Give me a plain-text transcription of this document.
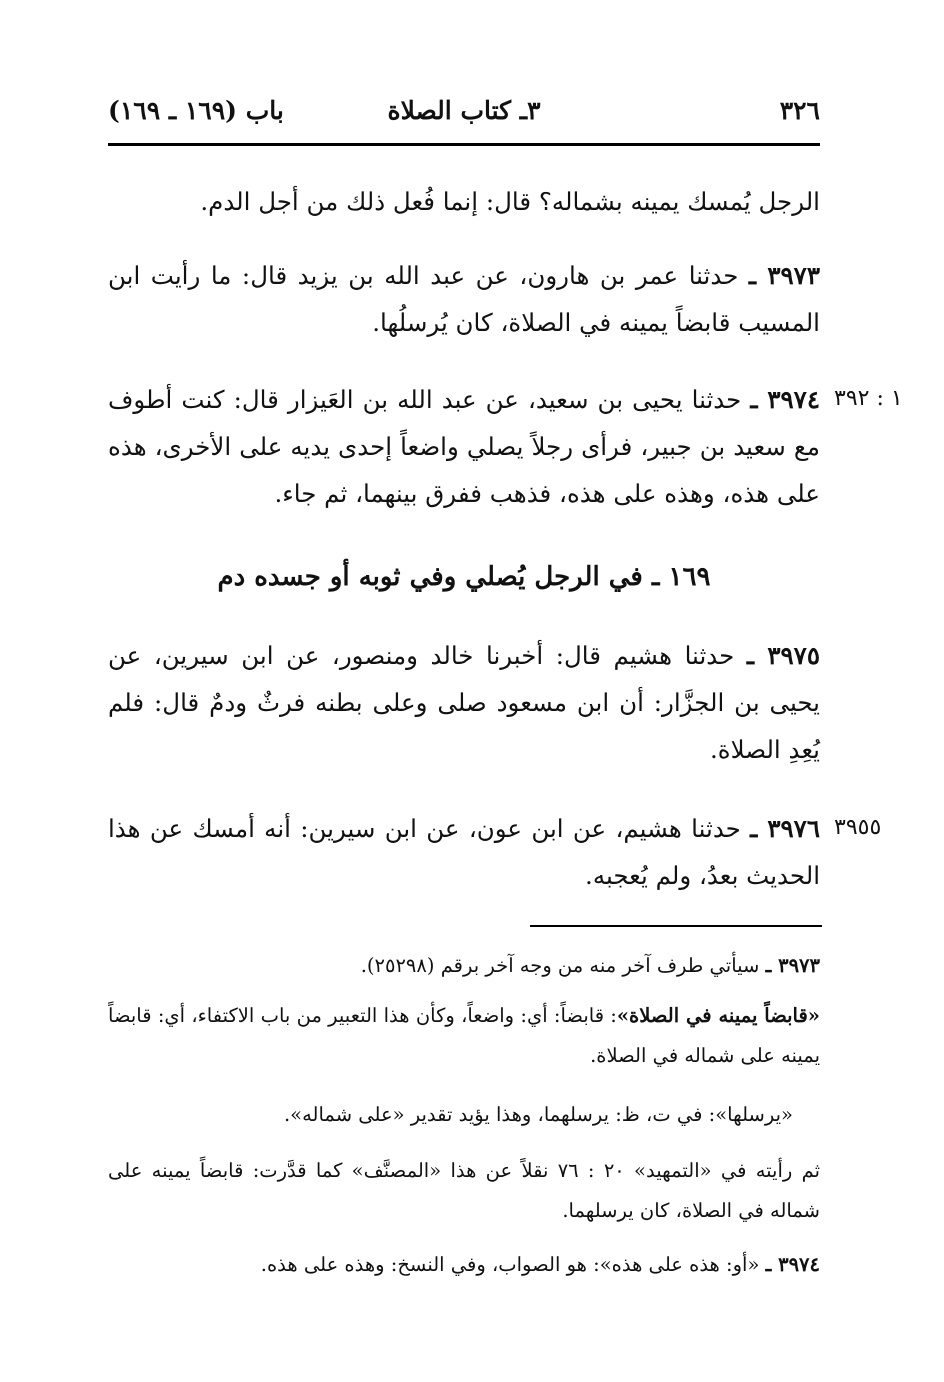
٣٢٦
٣ـ كتاب الصلاة
باب (١٦٩ ـ ١٦٩)
الرجل يُمسك يمينه بشماله؟ قال: إنما فُعل ذلك من أجل الدم.
٣٩٧٣ ـ حدثنا عمر بن هارون، عن عبد الله بن يزيد قال: ما رأيت ابن المسيب قابضاً يمينه في الصلاة، كان يُرسلُها.
١ : ٣٩٢
٣٩٧٤ ـ حدثنا يحيى بن سعيد، عن عبد الله بن العَيزار قال: كنت أطوف مع سعيد بن جبير، فرأى رجلاً يصلي واضعاً إحدى يديه على الأخرى، هذه على هذه، وهذه على هذه، فذهب ففرق بينهما، ثم جاء.
١٦٩ ـ في الرجل يُصلي وفي ثوبه أو جسده دم
٣٩٧٥ ـ حدثنا هشيم قال: أخبرنا خالد ومنصور، عن ابن سيرين، عن يحيى بن الجزَّار: أن ابن مسعود صلى وعلى بطنه فرثٌ ودمٌ قال: فلم يُعِدِ الصلاة.
٣٩٥٥
٣٩٧٦ ـ حدثنا هشيم، عن ابن عون، عن ابن سيرين: أنه أمسك عن هذا الحديث بعدُ، ولم يُعجبه.
٣٩٧٣ ـ سيأتي طرف آخر منه من وجه آخر برقم (٢٥٢٩٨).
«قابضاً يمينه في الصلاة»: قابضاً: أي: واضعاً، وكأن هذا التعبير من باب الاكتفاء، أي: قابضاً يمينه على شماله في الصلاة.
«يرسلها»: في ت، ظ: يرسلهما، وهذا يؤيد تقدير «على شماله».
ثم رأيته في «التمهيد» ٢٠ : ٧٦ نقلاً عن هذا «المصنَّف» كما قدَّرت: قابضاً يمينه على شماله في الصلاة، كان يرسلهما.
٣٩٧٤ ـ «أو: هذه على هذه»: هو الصواب، وفي النسخ: وهذه على هذه.
